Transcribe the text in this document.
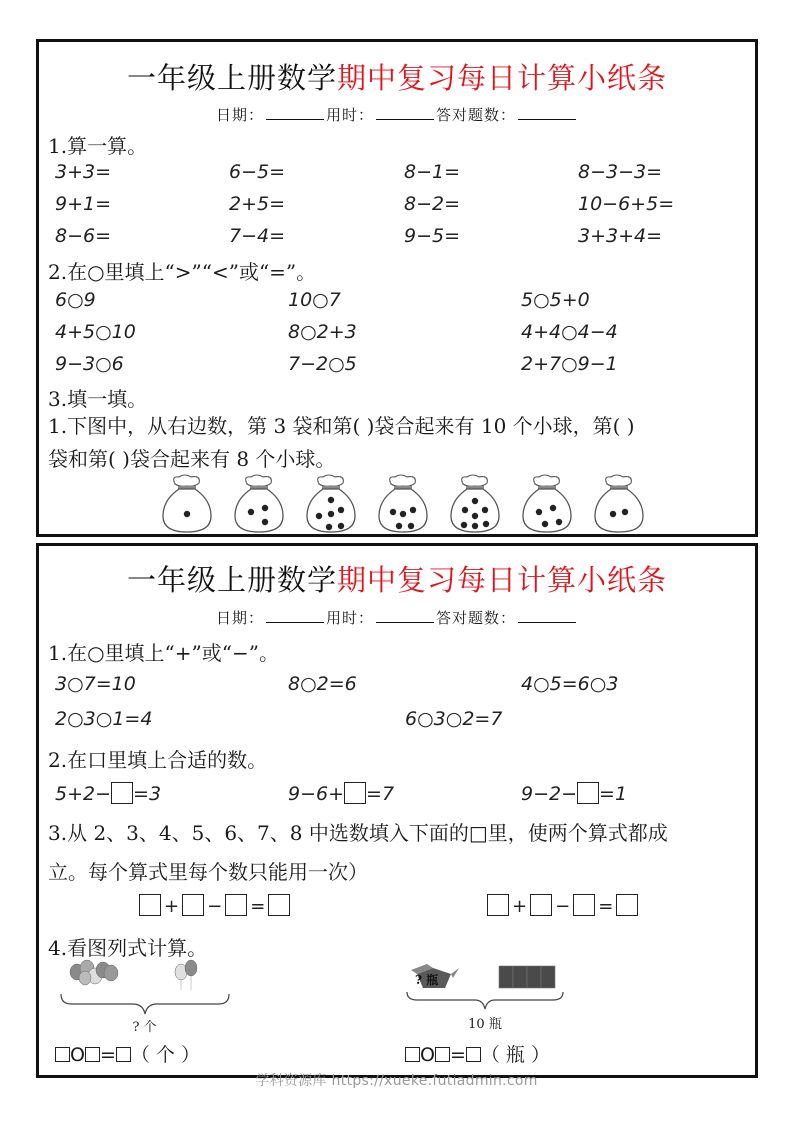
一年级上册数学期中复习每日计算小纸条
日期：	用时：	答对题数：
1.算一算。
3+3=	6−5=	8−1=	8−3−3=
9+1=	2+5=	8−2=	10−6+5=
8−6=	7−4=	9−5=	3+3+4=
2.在○里填上“>”“<”或“=”。
6○9	10○7	5○5+0
4+5○10	8○2+3	4+4○4−4
9−3○6	7−2○5	2+7○9−1
3.填一填。
1.下图中，从右边数，第 3 袋和第( )袋合起来有 10 个小球，第( )
袋和第( )袋合起来有 8 个小球。
一年级上册数学期中复习每日计算小纸条
日期：	用时：	答对题数：
1.在○里填上“+”或“−”。
3○7=10	8○2=6	4○5=6○3
2○3○1=4	6○3○2=7
2.在口里填上合适的数。
5+2− =3	9−6+ =7	9−2− =1
3.从 2、3、4、5、6、7、8 中选数填入下面的□里，使两个算式都成
立。每个算式里每个数只能用一次）
+ − =	+ − =
4.看图列式计算。
? 个
O = （ 个 ）
? 瓶
10 瓶
O = （ 瓶 ）
学科资源库 https://xueke.futiadmin.com
